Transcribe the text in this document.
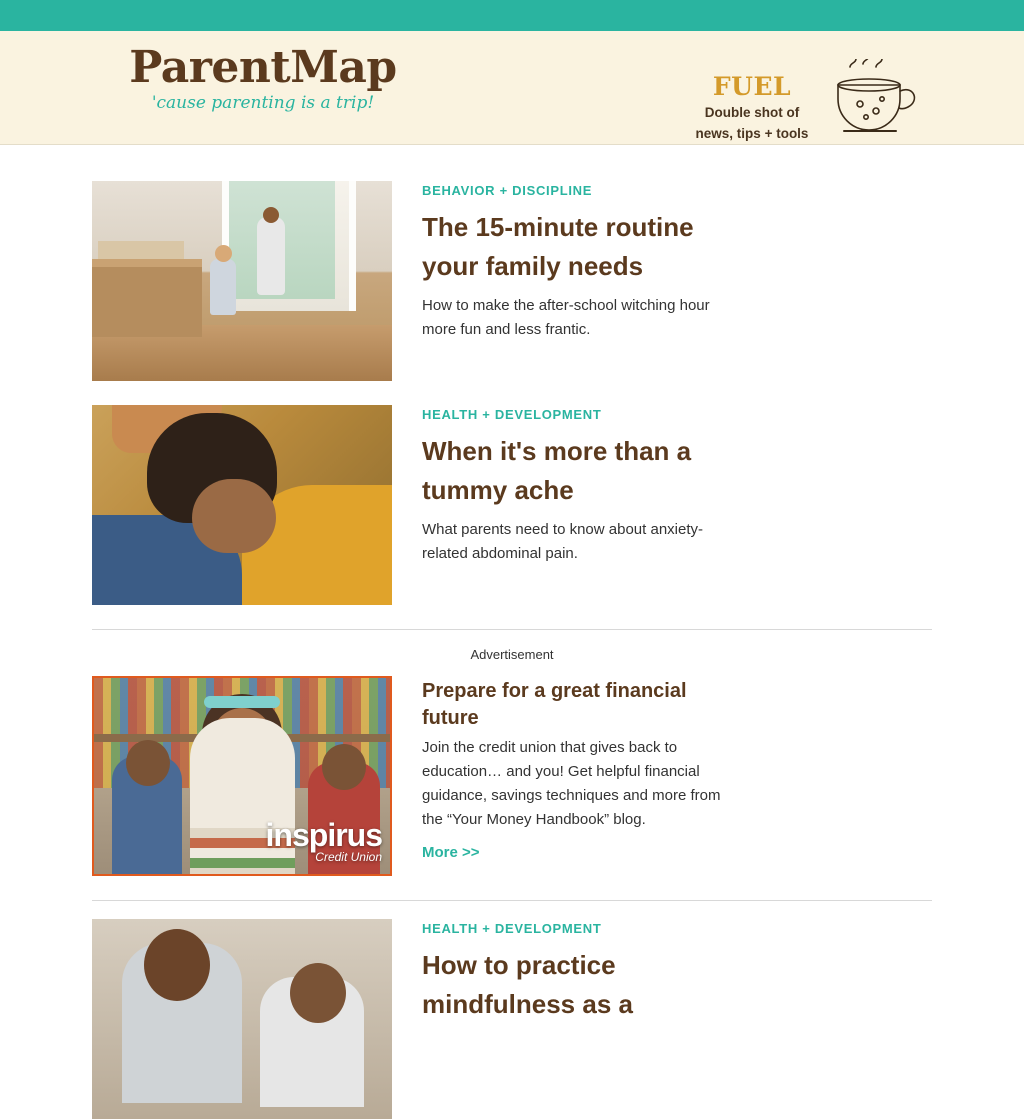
ParentMap
'cause parenting is a trip!
FUEL
Double shot of
news, tips + tools
BEHAVIOR + DISCIPLINE
The 15-minute routine your family needs

How to make the after-school witching hour more fun and less frantic.

HEALTH + DEVELOPMENT
When it's more than a tummy ache

What parents need to know about anxiety-related abdominal pain.

Advertisement
inspirus
Credit Union
Prepare for a great financial future

Join the credit union that gives back to education… and you! Get helpful financial guidance, savings techniques and more from the “Your Money Handbook” blog.

More >>
HEALTH + DEVELOPMENT
How to practice mindfulness as a
